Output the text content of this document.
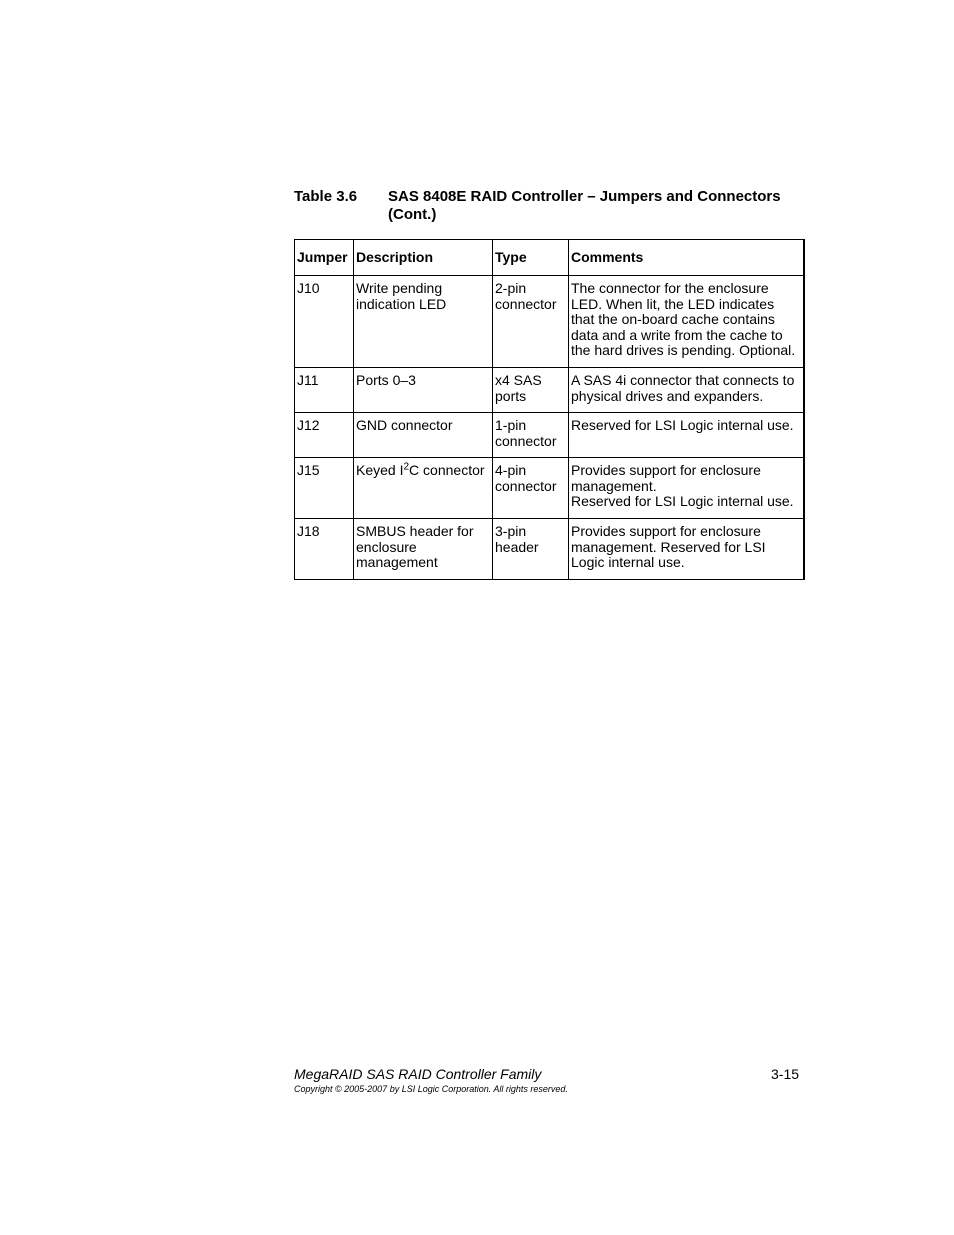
Table 3.6 SAS 8408E RAID Controller – Jumpers and Connectors (Cont.)
Jumper	Description	Type	Comments
J10	Write pending indication LED	2-pin connector	The connector for the enclosure LED. When lit, the LED indicates that the on-board cache contains data and a write from the cache to the hard drives is pending. Optional.

J11	Ports 0–3	x4 SAS ports	A SAS 4i connector that connects to physical drives and expanders.

J12	GND connector	1-pin connector	Reserved for LSI Logic internal use.

J15	Keyed $I^2C$ connector	4-pin connector	Provides support for enclosure management.
Reserved for LSI Logic internal use.

J18	SMBUS header for enclosure management	3-pin header	Provides support for enclosure management. Reserved for LSI Logic internal use.
MegaRAID SAS RAID Controller Family	3-15
Copyright © 2005-2007 by LSI Logic Corporation. All rights reserved.
